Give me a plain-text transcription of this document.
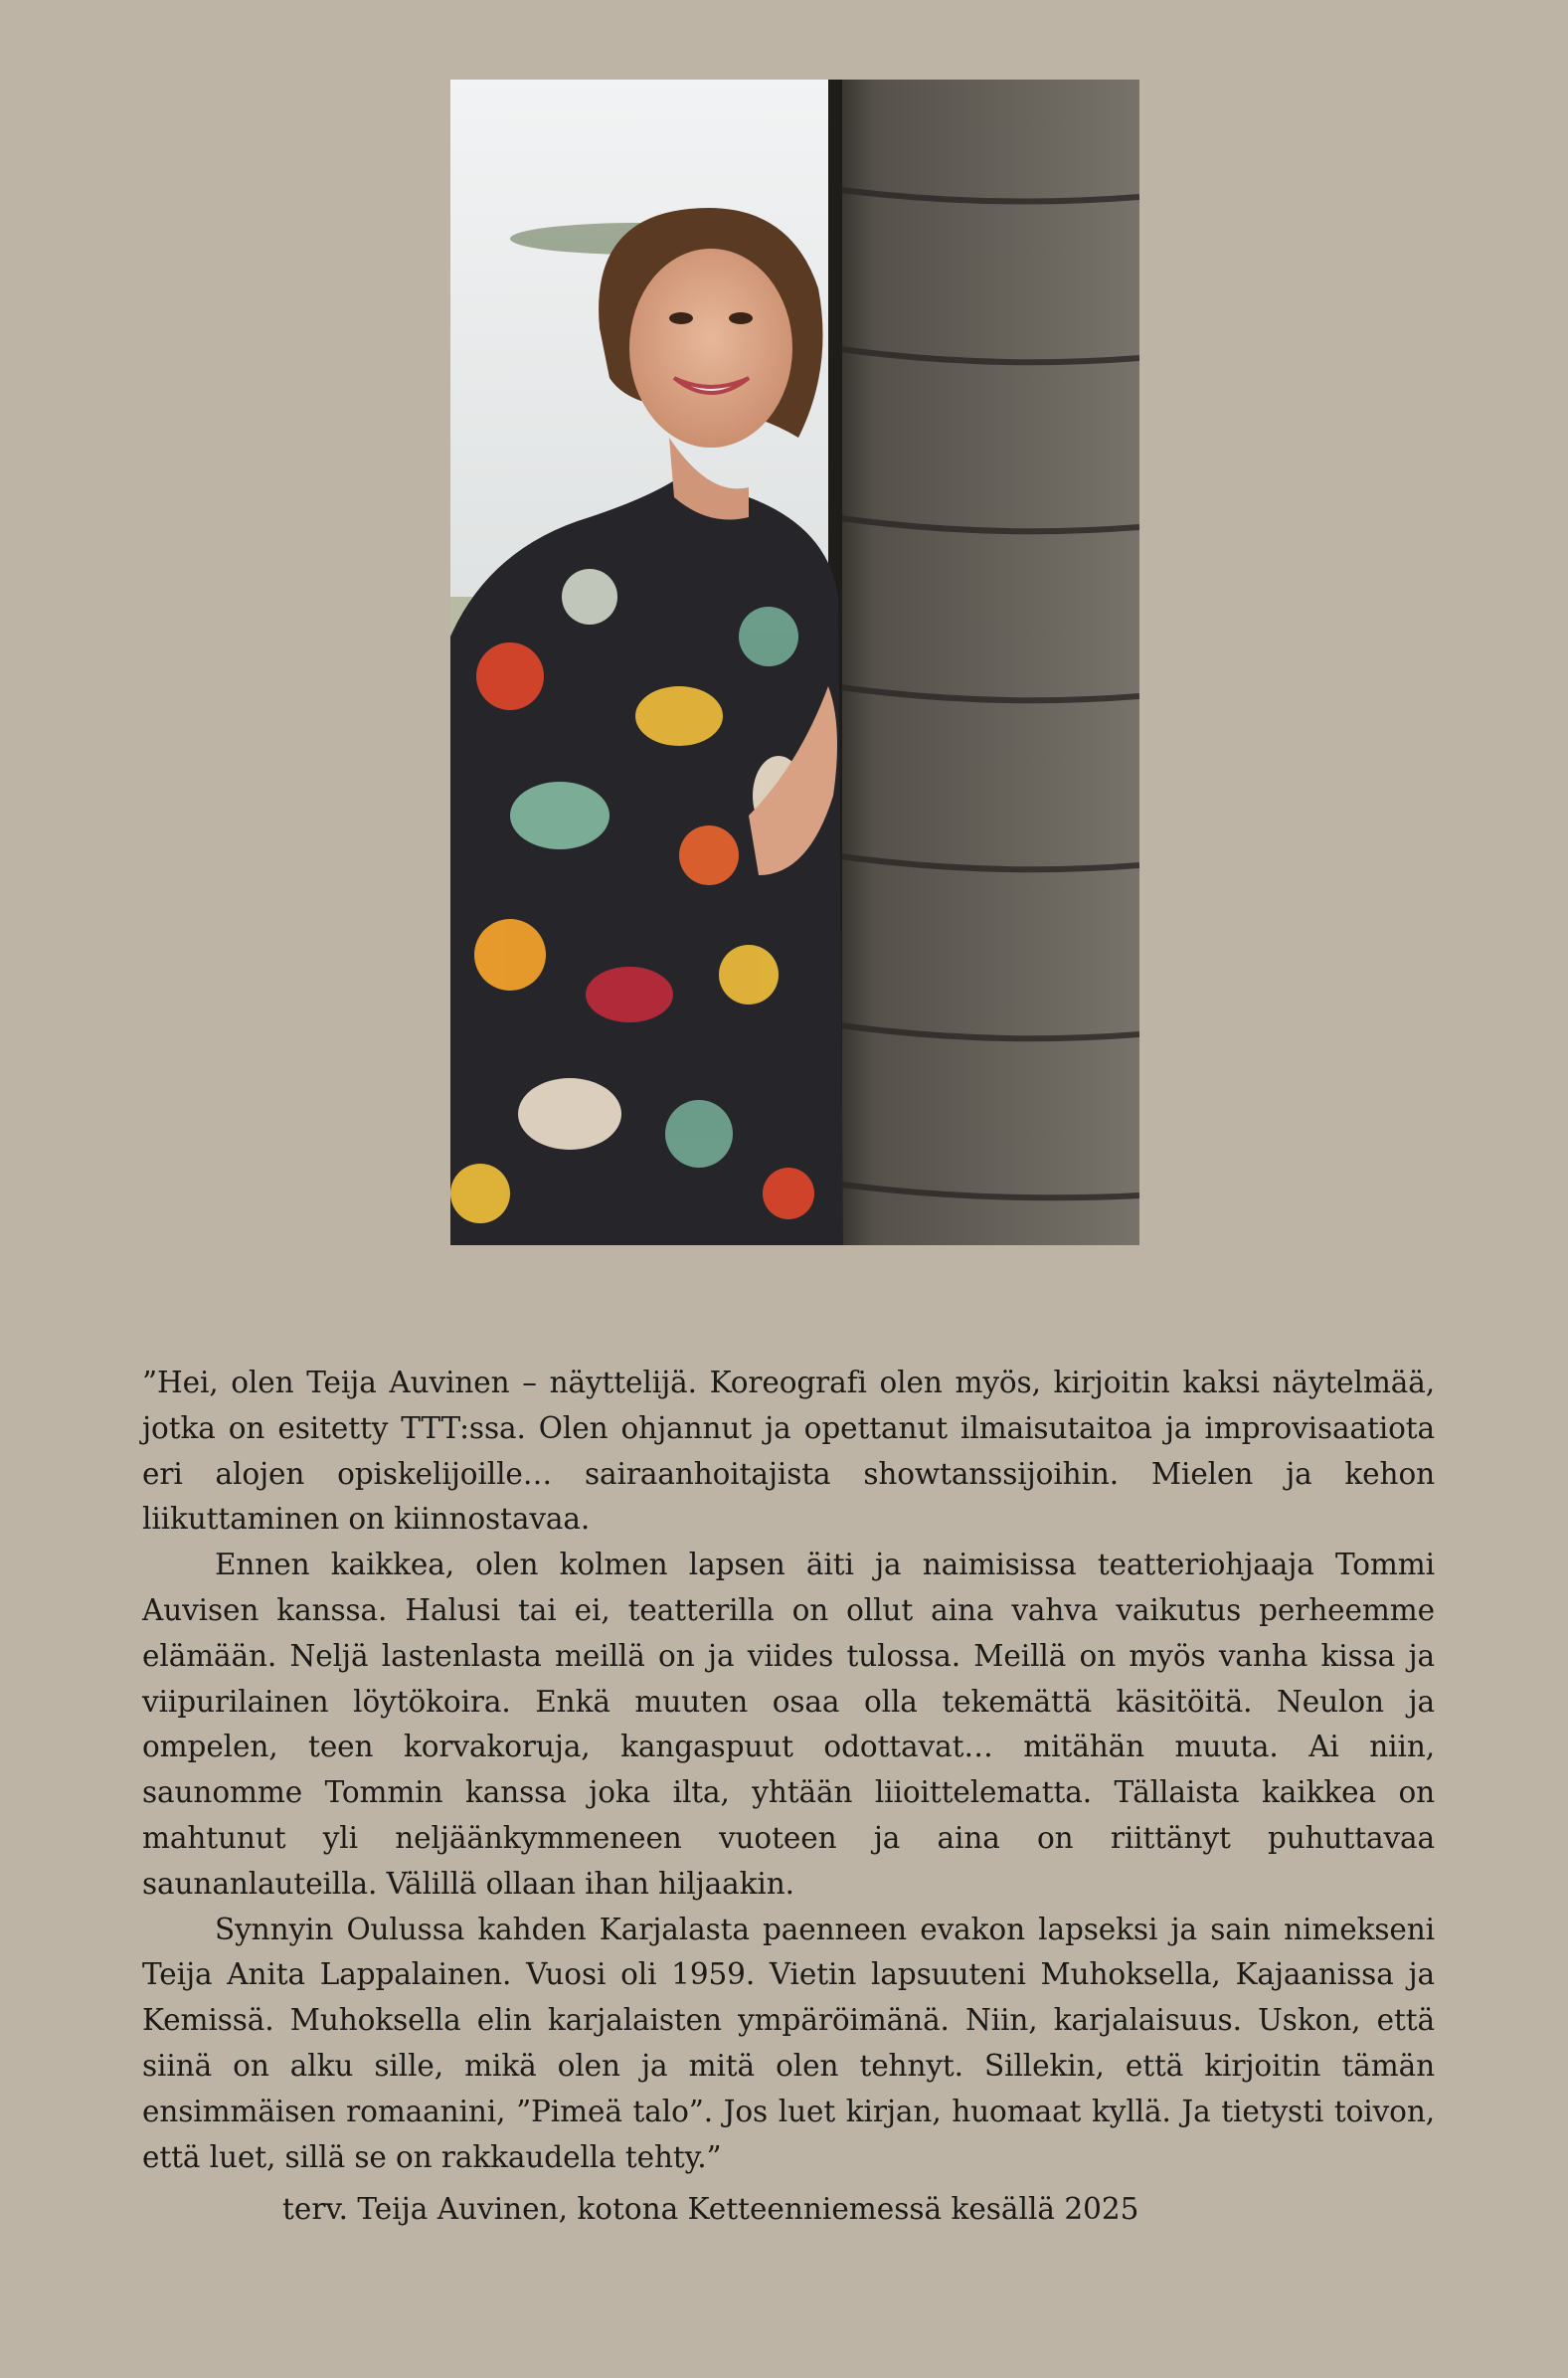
”Hei, olen Teija Auvinen – näyttelijä. Koreografi olen myös, kirjoitin kaksi näytelmää, jotka on esitetty TTT:ssa. Olen ohjannut ja opettanut ilmaisutaitoa ja improvisaatiota eri alojen opiskelijoille… sairaanhoitajista showtanssijoihin. Mielen ja kehon liikuttaminen on kiinnostavaa.

Ennen kaikkea, olen kolmen lapsen äiti ja naimisissa teatteriohjaaja Tommi Auvisen kanssa. Halusi tai ei, teatterilla on ollut aina vahva vaikutus perheemme elämään. Neljä lastenlasta meillä on ja viides tulossa. Meillä on myös vanha kissa ja viipurilainen löytökoira. Enkä muuten osaa olla tekemättä käsitöitä. Neulon ja ompelen, teen korvakoruja, kangaspuut odottavat… mitähän muuta. Ai niin, saunomme Tommin kanssa joka ilta, yhtään liioittelematta. Tällaista kaikkea on mahtunut yli neljäänkymmeneen vuoteen ja aina on riittänyt puhuttavaa saunanlauteilla. Välillä ollaan ihan hiljaakin.

Synnyin Oulussa kahden Karjalasta paenneen evakon lapseksi ja sain nimekseni Teija Anita Lappalainen. Vuosi oli 1959. Vietin lapsuuteni Muhoksella, Kajaanissa ja Kemissä. Muhoksella elin karjalaisten ympäröimänä. Niin, karjalaisuus. Uskon, että siinä on alku sille, mikä olen ja mitä olen tehnyt. Sillekin, että kirjoitin tämän ensimmäisen romaanini, ”Pimeä talo”. Jos luet kirjan, huomaat kyllä. Ja tietysti toivon, että luet, sillä se on rakkaudella tehty.”

terv. Teija Auvinen, kotona Ketteenniemessä kesällä 2025
